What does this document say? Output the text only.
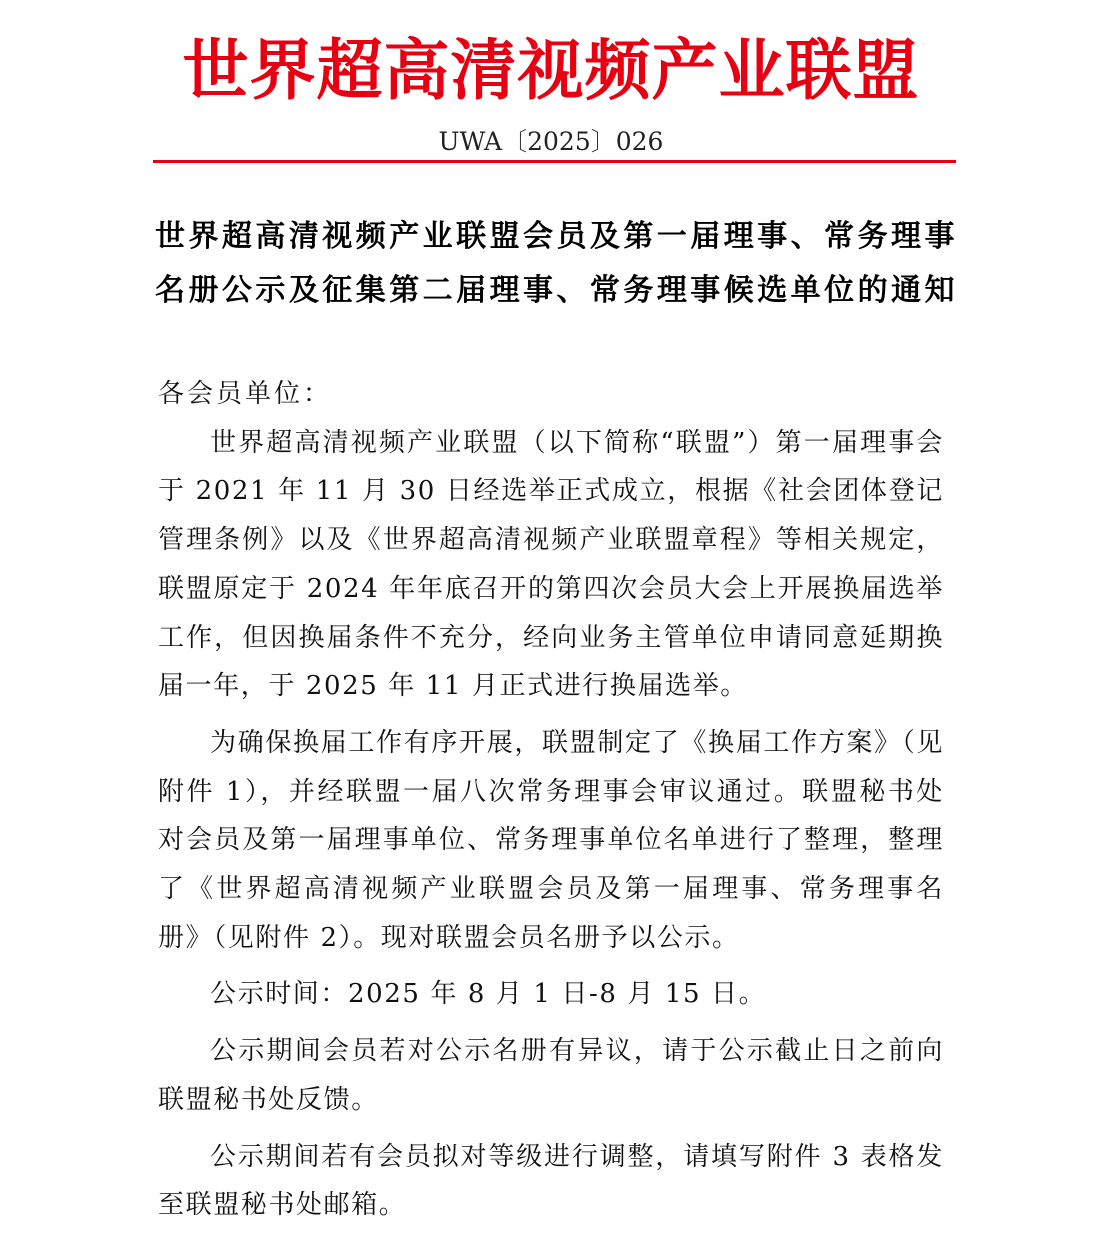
世界超高清视频产业联盟
UWA〔2025〕026
世界超高清视频产业联盟会员及第一届理事、常务理事
名册公示及征集第二届理事、常务理事候选单位的通知

各会员单位：

世界超高清视频产业联盟（以下简称“联盟”）第一届理事会于 2021 年 11 月 30 日经选举正式成立，根据《社会团体登记管理条例》以及《世界超高清视频产业联盟章程》等相关规定，联盟原定于 2024 年年底召开的第四次会员大会上开展换届选举工作，但因换届条件不充分，经向业务主管单位申请同意延期换届一年，于 2025 年 11 月正式进行换届选举。

为确保换届工作有序开展，联盟制定了《换届工作方案》（见附件 1），并经联盟一届八次常务理事会审议通过。联盟秘书处对会员及第一届理事单位、常务理事单位名单进行了整理，整理了《世界超高清视频产业联盟会员及第一届理事、常务理事名册》（见附件 2）。现对联盟会员名册予以公示。

公示时间：2025 年 8 月 1 日-8 月 15 日。

公示期间会员若对公示名册有异议，请于公示截止日之前向联盟秘书处反馈。

公示期间若有会员拟对等级进行调整，请填写附件 3 表格发至联盟秘书处邮箱。
